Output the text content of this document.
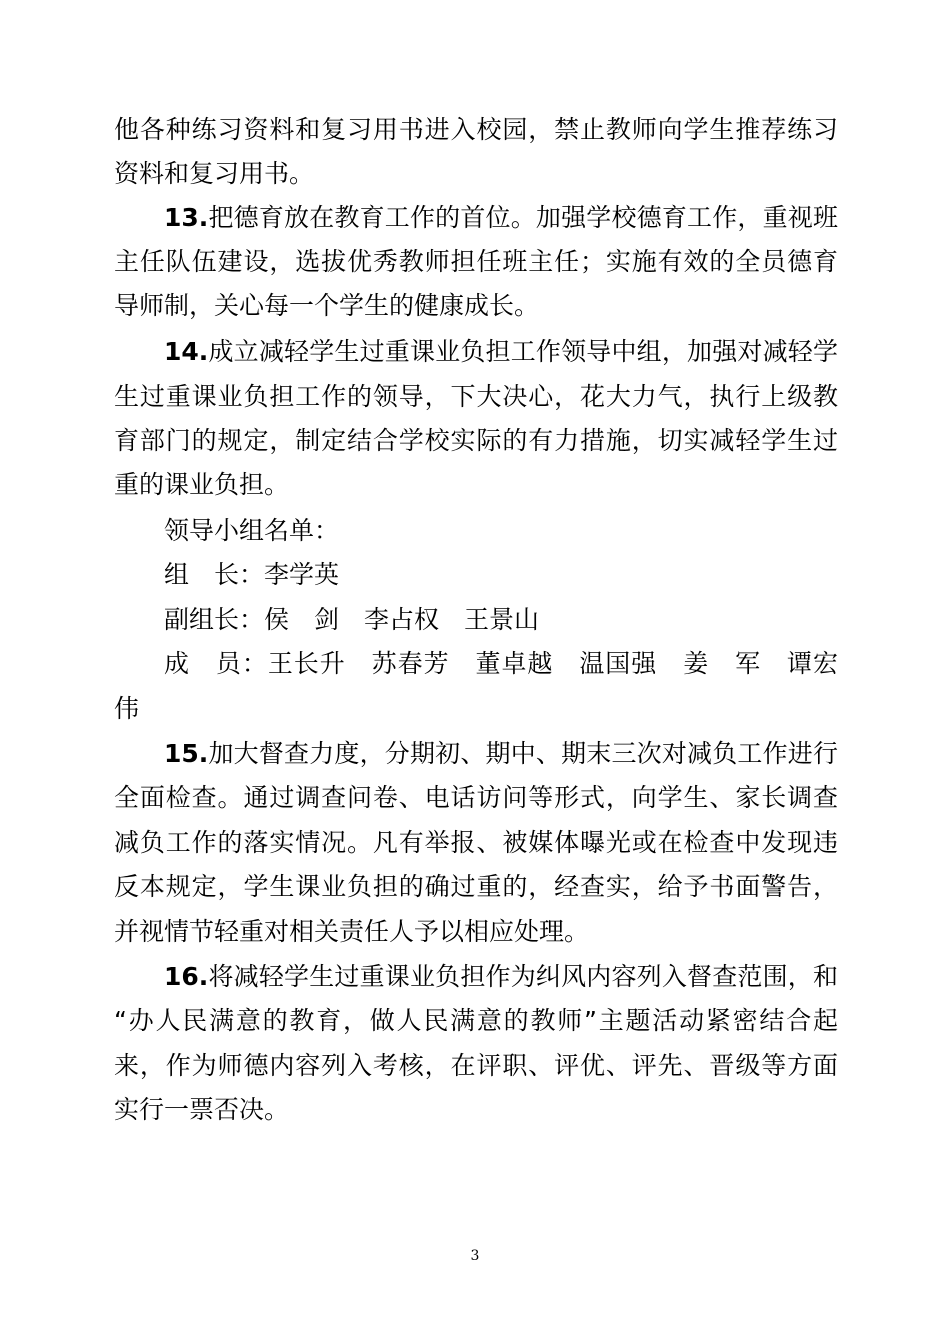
他各种练习资料和复习用书进入校园，禁止教师向学生推荐练习
资料和复习用书。
13.把德育放在教育工作的首位。加强学校德育工作，重视班
主任队伍建设，选拔优秀教师担任班主任；实施有效的全员德育
导师制，关心每一个学生的健康成长。
14.成立减轻学生过重课业负担工作领导中组，加强对减轻学
生过重课业负担工作的领导，下大决心，花大力气，执行上级教
育部门的规定，制定结合学校实际的有力措施，切实减轻学生过
重的课业负担。
领导小组名单：
组　长：李学英
副组长：侯　剑　李占权　王景山
成　员：王长升　苏春芳　董卓越　温国强　姜　军　谭宏
伟
15.加大督查力度，分期初、期中、期末三次对减负工作进行
全面检查。通过调查问卷、电话访问等形式，向学生、家长调查
减负工作的落实情况。凡有举报、被媒体曝光或在检查中发现违
反本规定，学生课业负担的确过重的，经查实，给予书面警告，
并视情节轻重对相关责任人予以相应处理。
16.将减轻学生过重课业负担作为纠风内容列入督查范围，和
“办人民满意的教育，做人民满意的教师”主题活动紧密结合起
来，作为师德内容列入考核，在评职、评优、评先、晋级等方面
实行一票否决。
3
